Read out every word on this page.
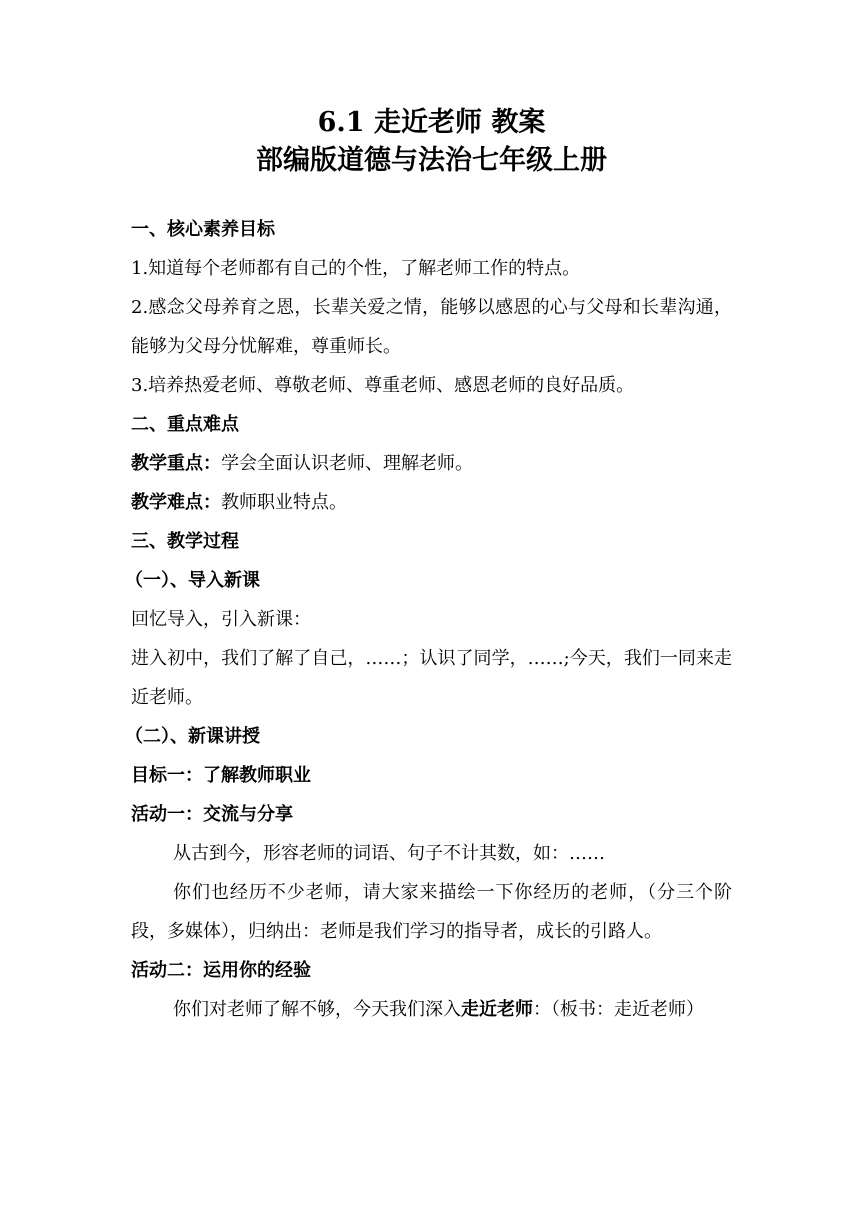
6.1 走近老师 教案

部编版道德与法治七年级上册

一、核心素养目标

1.知道每个老师都有自己的个性，了解老师工作的特点。

2.感念父母养育之恩，长辈关爱之情，能够以感恩的心与父母和长辈沟通，能够为父母分忧解难，尊重师长。

3.培养热爱老师、尊敬老师、尊重老师、感恩老师的良好品质。

二、重点难点

教学重点：学会全面认识老师、理解老师。

教学难点：教师职业特点。

三、教学过程

（一）、导入新课

回忆导入，引入新课：

进入初中，我们了解了自己，……；认识了同学，……;今天，我们一同来走近老师。

（二）、新课讲授

目标一：了解教师职业

活动一：交流与分享

从古到今，形容老师的词语、句子不计其数，如：……

你们也经历不少老师，请大家来描绘一下你经历的老师，（分三个阶段，多媒体），归纳出：老师是我们学习的指导者，成长的引路人。

活动二：运用你的经验

你们对老师了解不够，今天我们深入走近老师：（板书：走近老师）
